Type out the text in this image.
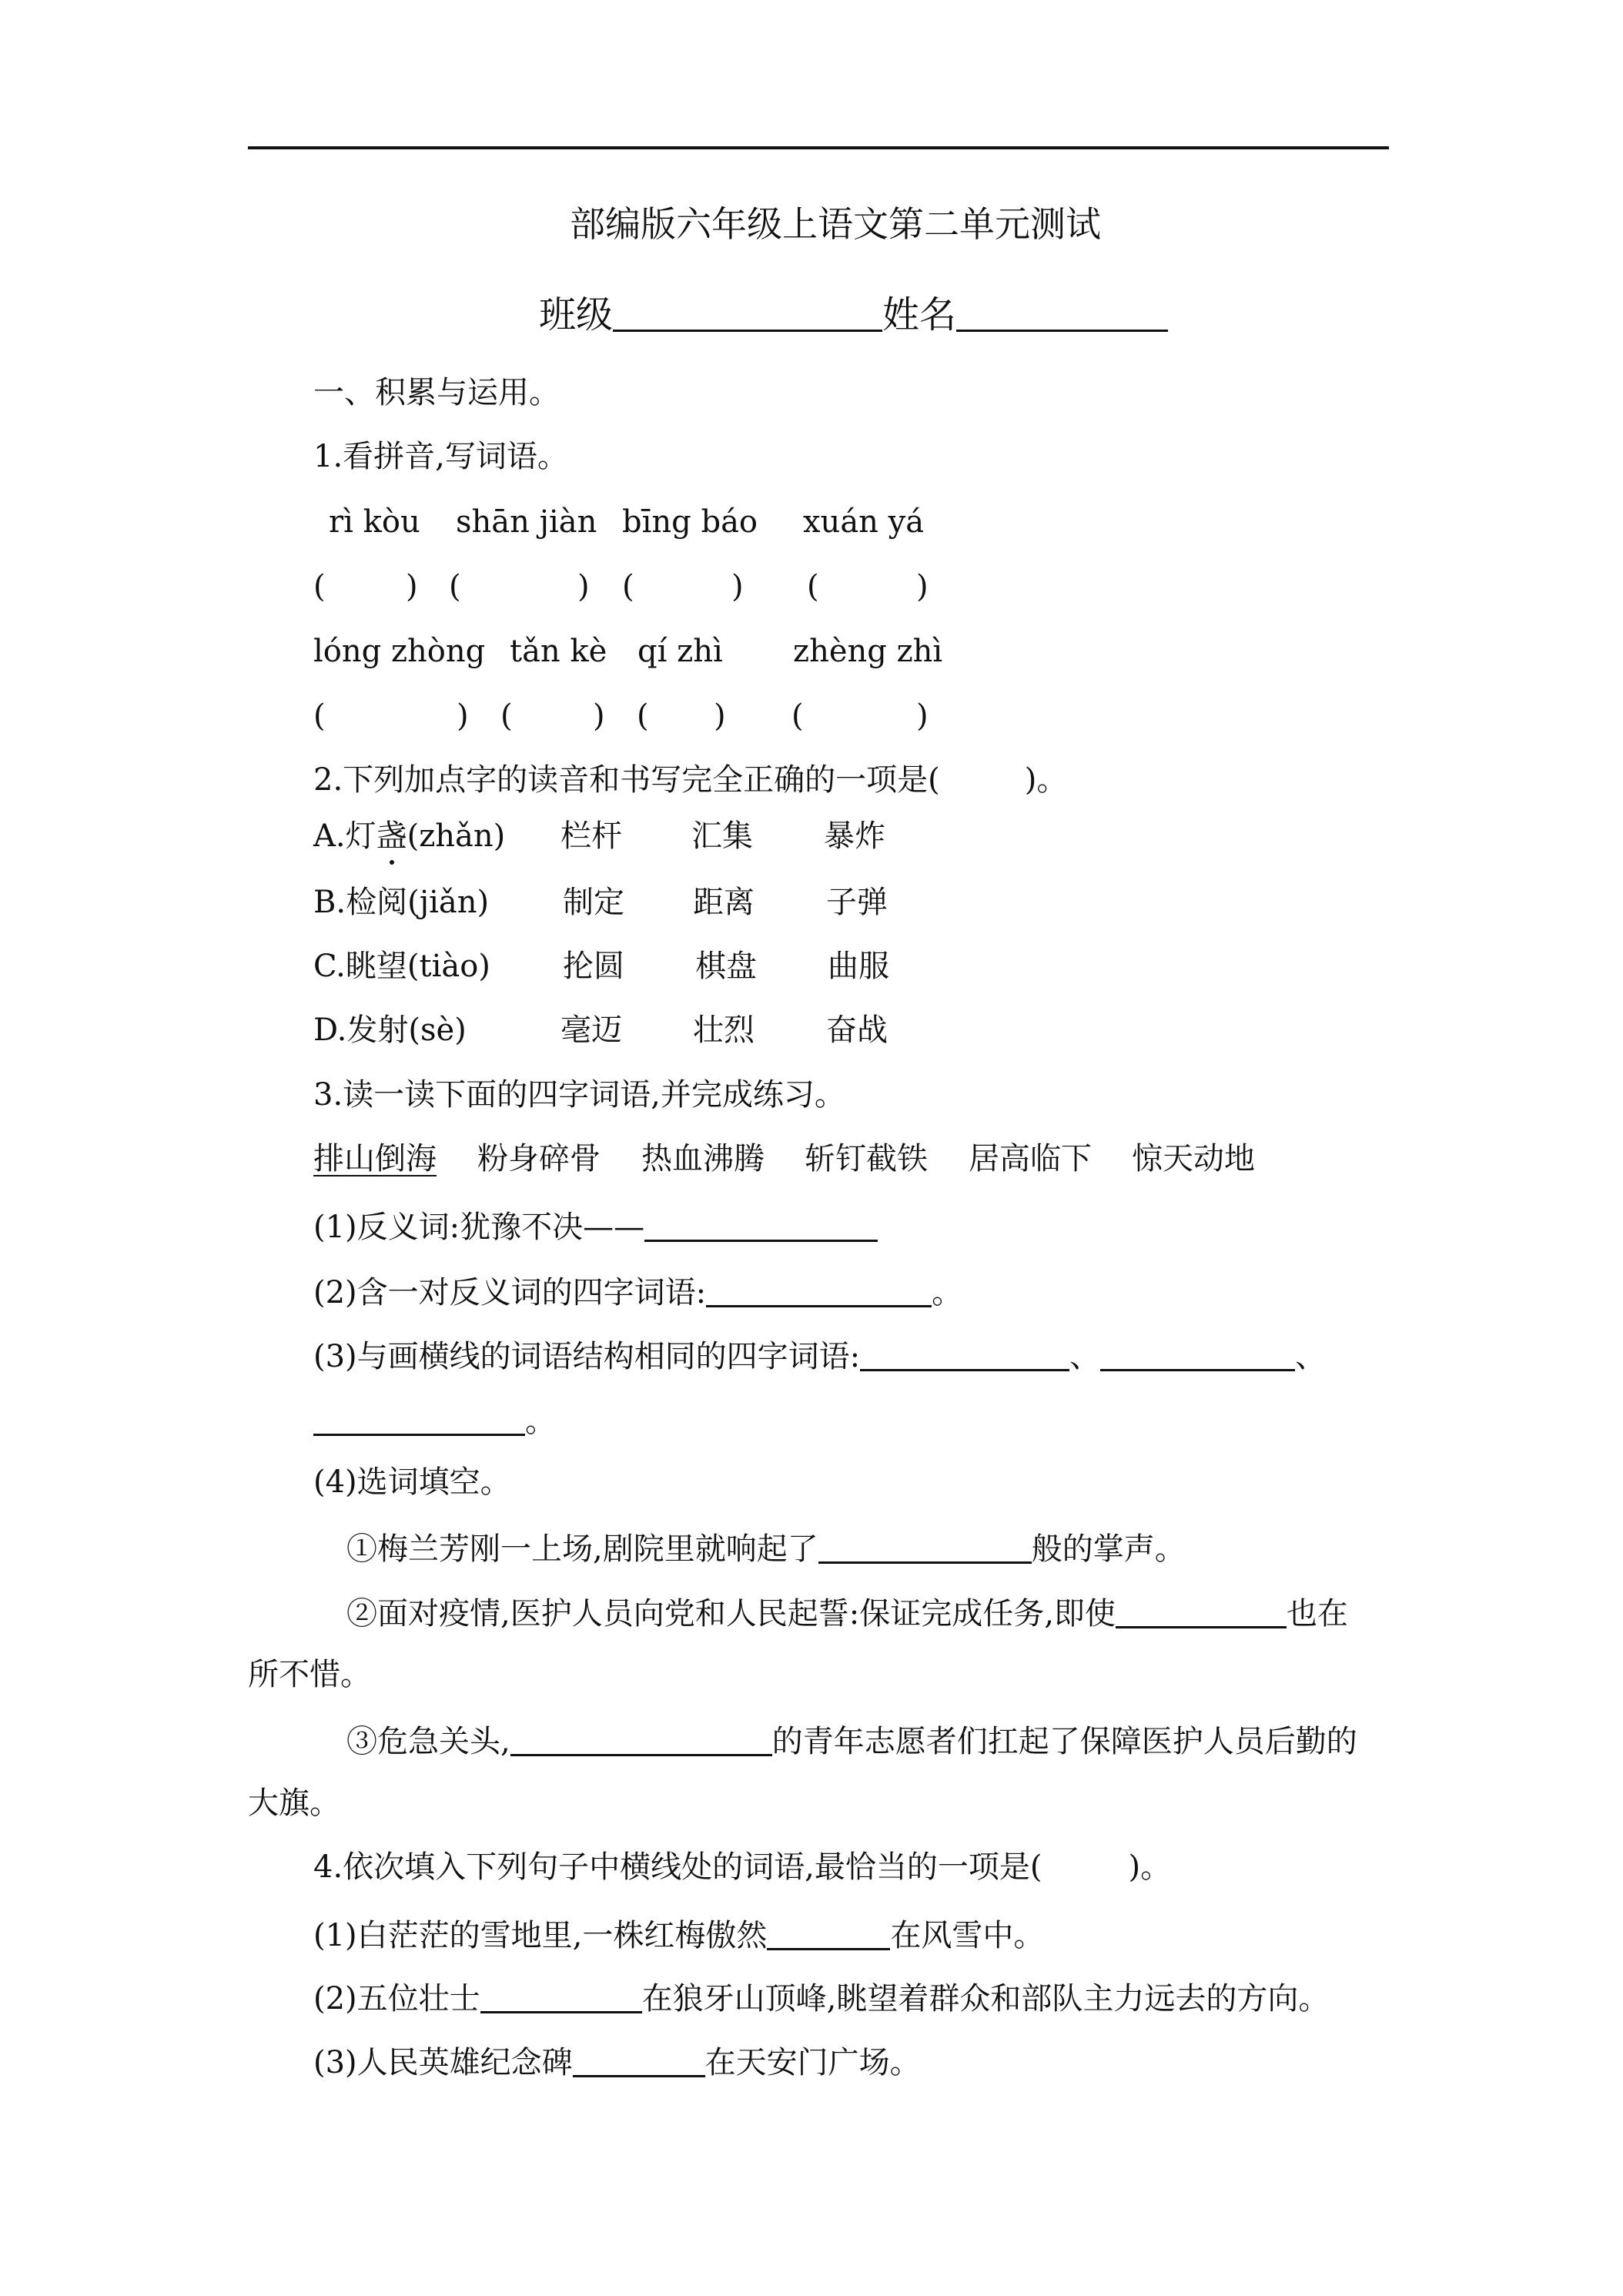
部编版六年级上语文第二单元测试
班级	姓名
一、积累与运用。
1.看拼音,写词语。
rì kòu shān jiàn bīng báo xuán yá
(	) (	) (	) (	)
lóng zhòng tǎn kè qí zhì zhèng zhì
(	) (	) ( ) (	)
2.下列加点字的读音和书写完全正确的一项是(	)。
A.灯盏(zhǎn) 栏杆 汇集 暴炸
B.检阅(jiǎn) 制定 距离 子弹
C.眺望(tiào) 抡圆 棋盘 曲服
D.发射(sè)	毫迈 壮烈 奋战
3.读一读下面的四字词语,并完成练习。
排山倒海 粉身碎骨 热血沸腾 斩钉截铁 居高临下 惊天动地
(1)反义词:犹豫不决——
(2)含一对反义词的四字词语:	。
(3)与画横线的词语结构相同的四字词语:	、	、
。
(4)选词填空。
①梅兰芳刚一上场,剧院里就响起了	般的掌声。
②面对疫情,医护人员向党和人民起誓:保证完成任务,即使	也在
所不惜。
③危急关头,	的青年志愿者们扛起了保障医护人员后勤的
大旗。
4.依次填入下列句子中横线处的词语,最恰当的一项是(	)。
(1)白茫茫的雪地里,一株红梅傲然	在风雪中。
(2)五位壮士	在狼牙山顶峰,眺望着群众和部队主力远去的方向。
(3)人民英雄纪念碑	在天安门广场。
